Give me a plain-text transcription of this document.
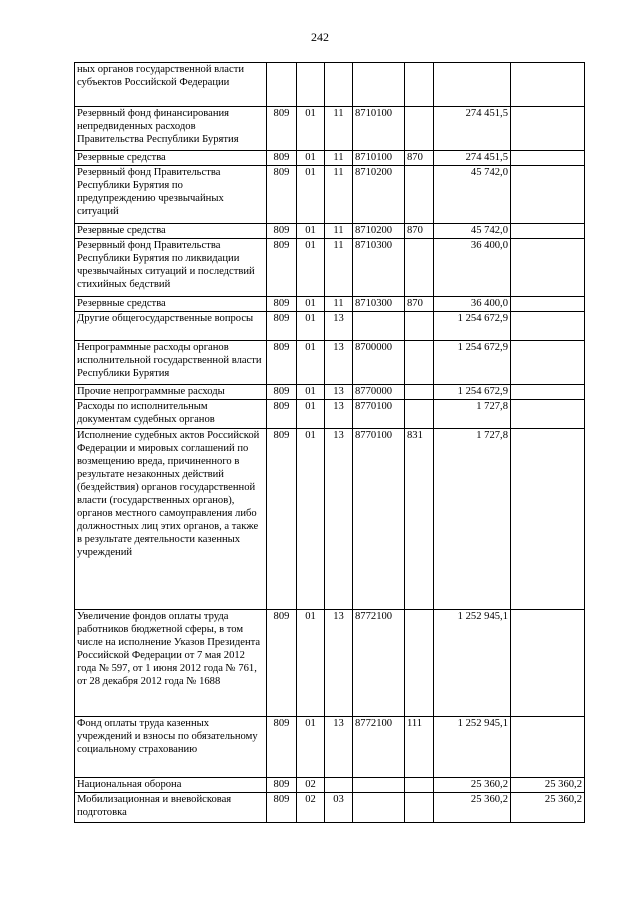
242
ных органов государственной власти субъектов Российской Федерации							
Резервный фонд финансирования непредвиденных расходов Правительства Республики Бурятия	809	01	11	8710100		274 451,5	
Резервные средства	809	01	11	8710100	870	274 451,5	
Резервный фонд Правительства Республики Бурятия по предупреждению чрезвычайных ситуаций	809	01	11	8710200		45 742,0	
Резервные средства	809	01	11	8710200	870	45 742,0	
Резервный фонд Правительства Республики Бурятия по ликвидации чрезвычайных ситуаций и последствий стихийных бедствий	809	01	11	8710300		36 400,0	
Резервные средства	809	01	11	8710300	870	36 400,0	
Другие общегосударственные вопросы	809	01	13			1 254 672,9	
Непрограммные расходы органов исполнительной государственной власти Республики Бурятия	809	01	13	8700000		1 254 672,9	
Прочие непрограммные расходы	809	01	13	8770000		1 254 672,9	
Расходы по исполнительным документам судебных органов	809	01	13	8770100		1 727,8	
Исполнение судебных актов Российской Федерации и мировых соглашений по возмещению вреда, причиненного в результате незаконных действий (бездействия) органов государственной власти (государственных органов), органов местного самоуправления либо должностных лиц этих органов, а также в результате деятельности казенных учреждений	809	01	13	8770100	831	1 727,8	
Увеличение фондов оплаты труда работников бюджетной сферы, в том числе на исполнение Указов Президента Российской Федерации от 7 мая 2012 года № 597, от 1 июня 2012 года № 761, от 28 декабря 2012 года № 1688	809	01	13	8772100		1 252 945,1	
Фонд оплаты труда казенных учреждений и взносы по обязательному социальному страхованию	809	01	13	8772100	111	1 252 945,1	
Национальная оборона	809	02				25 360,2	25 360,2
Мобилизационная и вневойсковая подготовка	809	02	03			25 360,2	25 360,2
